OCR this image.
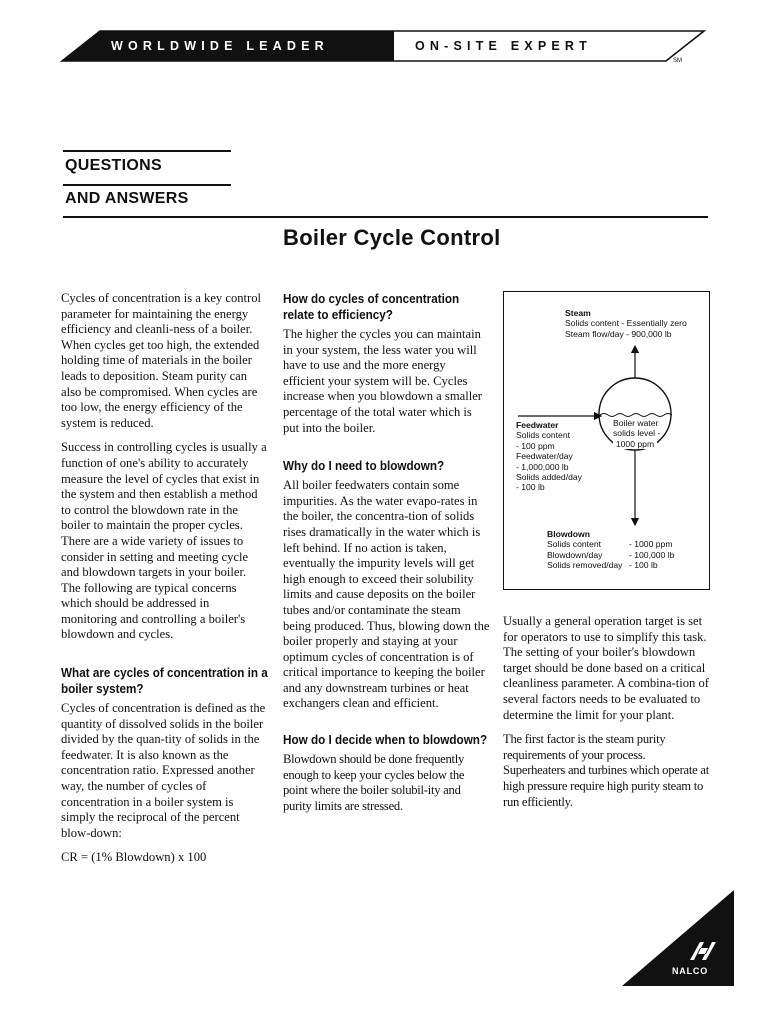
WORLDWIDE LEADER	ON-SITE EXPERT
SM
QUESTIONS
AND ANSWERS
Boiler Cycle Control

Cycles of concentration is a key control parameter for maintaining the energy efficiency and cleanli-ness of a boiler. When cycles get too high, the extended holding time of materials in the boiler leads to deposition. Steam purity can also be compromised. When cycles are too low, the energy efficiency of the system is reduced.

Success in controlling cycles is usually a function of one's ability to accurately measure the level of cycles that exist in the system and then establish a method to control the blowdown rate in the boiler to maintain the proper cycles. There are a wide variety of issues to consider in setting and meeting cycle and blowdown targets in your boiler. The following are typical concerns which should be addressed in monitoring and controlling a boiler's blowdown and cycles.

What are cycles of concentration in a boiler system?

Cycles of concentration is defined as the quantity of dissolved solids in the boiler divided by the quan-tity of solids in the feedwater. It is also known as the concentration ratio. Expressed another way, the number of cycles of concentration in a boiler system is simply the reciprocal of the percent blow-down:

CR = (1% Blowdown) x 100

How do cycles of concentration relate to efficiency?

The higher the cycles you can maintain in your system, the less water you will have to use and the more energy efficient your system will be. Cycles increase when you blowdown a smaller percentage of the total water which is put into the boiler.

Why do I need to blowdown?

All boiler feedwaters contain some impurities. As the water evapo-rates in the boiler, the concentra-tion of solids rises dramatically in the water which is left behind. If no action is taken, eventually the impurity levels will get high enough to exceed their solubility limits and cause deposits on the boiler tubes and/or contaminate the steam being produced. Thus, blowing down the boiler properly and staying at your optimum cycles of concentration is of critical importance to keeping the boiler and any downstream turbines or heat exchangers clean and efficient.

How do I decide when to blowdown?

Blowdown should be done frequently enough to keep your cycles below the point where the boiler solubil-ity and purity limits are stressed.

Steam
Solids content - Essentially zero
Steam flow/day - 900,000 lb
Boiler water
solids level -
1000 ppm
Feedwater
Solids content
- 100 ppm
Feedwater/day
- 1,000,000 lb
Solids added/day
- 100 lb
Blowdown
Solids content	- 1000 ppm
Blowdown/day	- 100,000 lb
Solids removed/day - 100 lb

Usually a general operation target is set for operators to use to simplify this task. The setting of your boiler's blowdown target should be done based on a critical cleanliness parameter. A combina-tion of several factors needs to be evaluated to determine the limit for your plant.

The first factor is the steam purity requirements of your process. Superheaters and turbines which operate at high pressure require high purity steam to run efficiently.

NALCO
